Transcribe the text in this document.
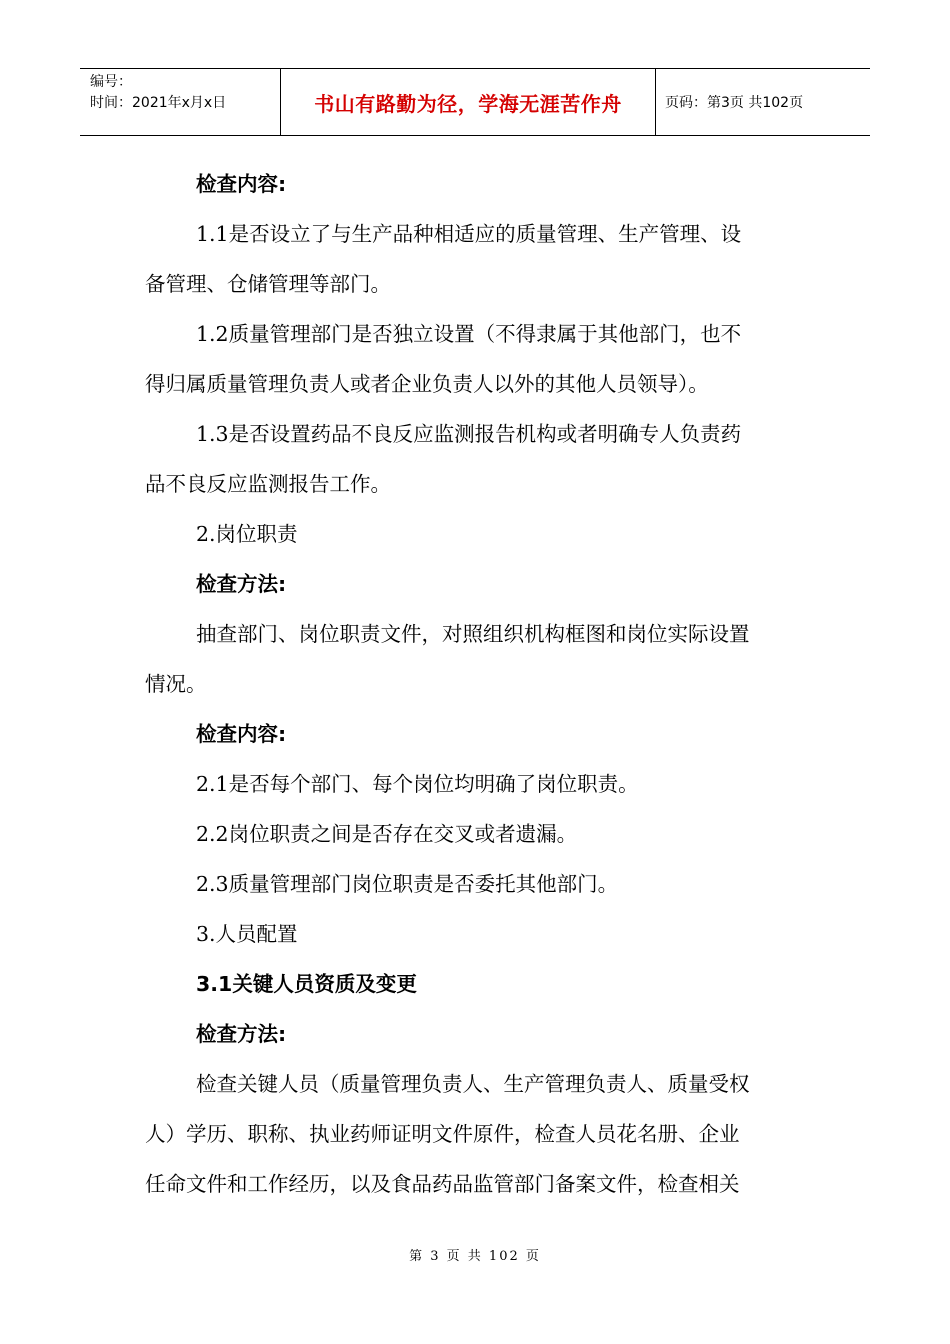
编号：
时间：2021年x月x日	书山有路勤为径，学海无涯苦作舟	页码：第3页 共102页

检查内容:

1.1是否设立了与生产品种相适应的质量管理、生产管理、设

备管理、仓储管理等部门。

1.2质量管理部门是否独立设置（不得隶属于其他部门，也不

得归属质量管理负责人或者企业负责人以外的其他人员领导）。

1.3是否设置药品不良反应监测报告机构或者明确专人负责药

品不良反应监测报告工作。

2.岗位职责

检查方法:

抽查部门、岗位职责文件，对照组织机构框图和岗位实际设置

情况。

检查内容:

2.1是否每个部门、每个岗位均明确了岗位职责。

2.2岗位职责之间是否存在交叉或者遗漏。

2.3质量管理部门岗位职责是否委托其他部门。

3.人员配置

3.1关键人员资质及变更

检查方法:

检查关键人员（质量管理负责人、生产管理负责人、质量受权

人）学历、职称、执业药师证明文件原件，检查人员花名册、企业

任命文件和工作经历，以及食品药品监管部门备案文件，检查相关

第 3 页 共 102 页
